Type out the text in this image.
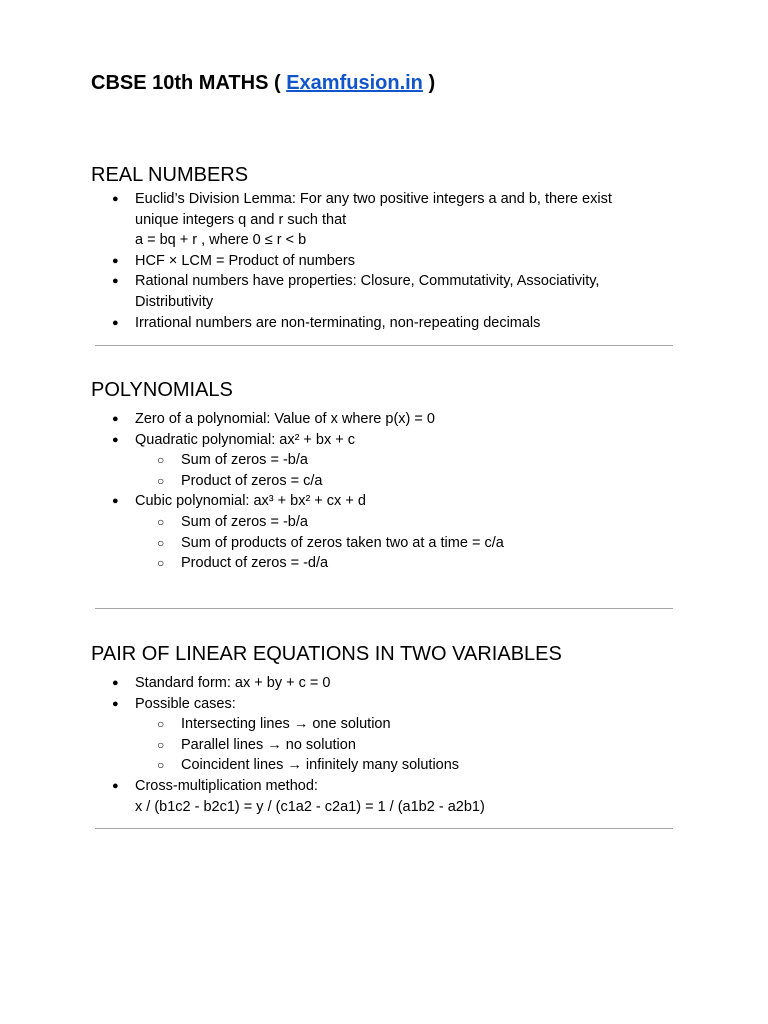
CBSE 10th MATHS ( Examfusion.in )
REAL NUMBERS
● Euclid’s Division Lemma: For any two positive integers a and b, there exist unique integers q and r such that
a = bq + r , where 0 ≤ r < b
● HCF × LCM = Product of numbers
● Rational numbers have properties: Closure, Commutativity, Associativity, Distributivity
● Irrational numbers are non-terminating, non-repeating decimals
POLYNOMIALS
● Zero of a polynomial: Value of x where p(x) = 0
● Quadratic polynomial: ax² + bx + c
○ Sum of zeros = -b/a
○ Product of zeros = c/a
● Cubic polynomial: ax³ + bx² + cx + d
○ Sum of zeros = -b/a
○ Sum of products of zeros taken two at a time = c/a
○ Product of zeros = -d/a
PAIR OF LINEAR EQUATIONS IN TWO VARIABLES
● Standard form: ax + by + c = 0
● Possible cases:
○ Intersecting lines → one solution
○ Parallel lines → no solution
○ Coincident lines → infinitely many solutions
● Cross-multiplication method:
x / (b1c2 - b2c1) = y / (c1a2 - c2a1) = 1 / (a1b2 - a2b1)
